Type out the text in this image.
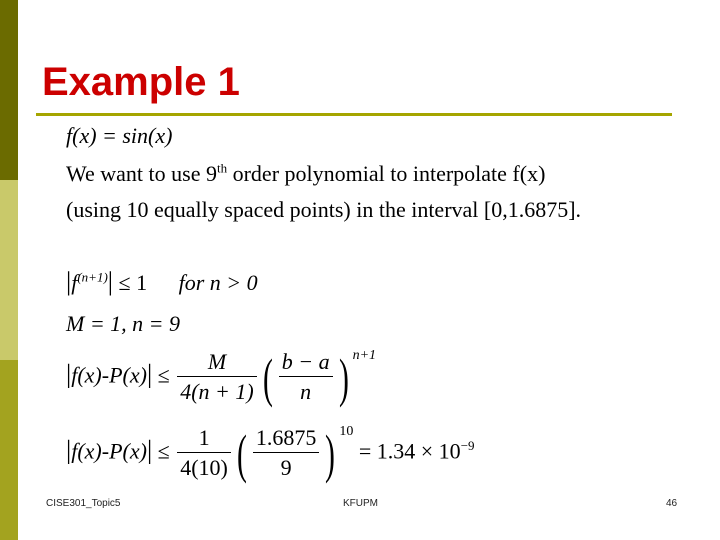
Example 1
f(x) = sin(x)
We want to use 9th order polynomial to interpolate f(x)
(using 10 equally spaced points) in the interval [0,1.6875].
$|f^{(n+1)}| \le 1$ for n > 0
M = 1, n = 9
$|f(x)-P(x)| \le \frac{M}{4(n + 1)}$ ( $\frac{b - a}{n}$ ) n+1
$|f(x)-P(x)| \le \frac{1}{4(10)}$ ( $\frac{1.6875}{9}$ ) $10 = 1.34 \times 10^{-9}$
CISE301_Topic5	KFUPM	46
